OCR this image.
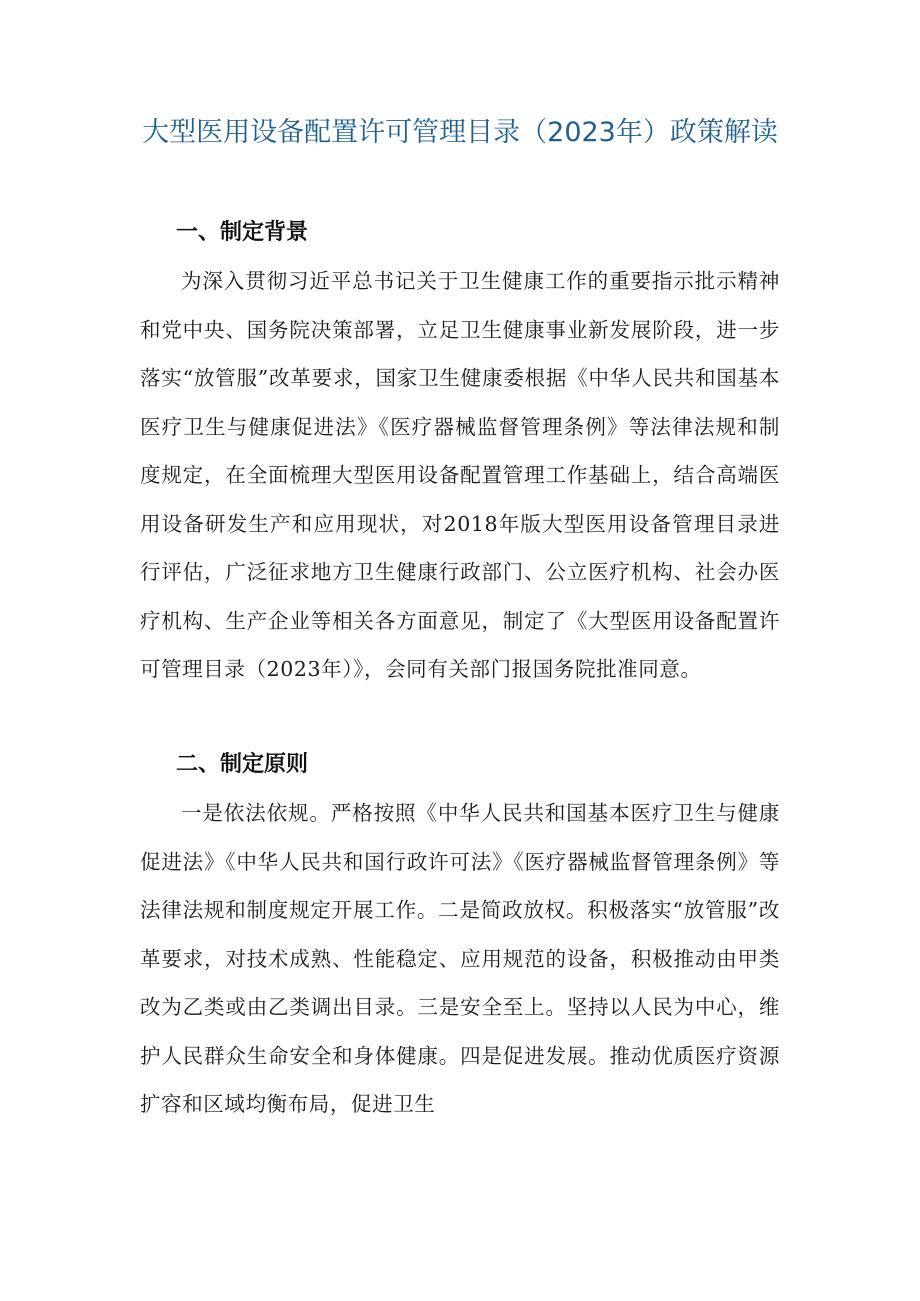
大型医用设备配置许可管理目录（2023年）政策解读
一、制定背景
为深入贯彻习近平总书记关于卫生健康工作的重要指示批示精神和党中央、国务院决策部署，立足卫生健康事业新发展阶段，进一步落实“放管服”改革要求，国家卫生健康委根据《中华人民共和国基本医疗卫生与健康促进法》《医疗器械监督管理条例》等法律法规和制度规定，在全面梳理大型医用设备配置管理工作基础上，结合高端医用设备研发生产和应用现状，对2018年版大型医用设备管理目录进行评估，广泛征求地方卫生健康行政部门、公立医疗机构、社会办医疗机构、生产企业等相关各方面意见，制定了《大型医用设备配置许可管理目录（2023年）》，会同有关部门报国务院批准同意。
二、制定原则
一是依法依规。严格按照《中华人民共和国基本医疗卫生与健康促进法》《中华人民共和国行政许可法》《医疗器械监督管理条例》等法律法规和制度规定开展工作。二是简政放权。积极落实“放管服”改革要求，对技术成熟、性能稳定、应用规范的设备，积极推动由甲类改为乙类或由乙类调出目录。三是安全至上。坚持以人民为中心，维护人民群众生命安全和身体健康。四是促进发展。推动优质医疗资源扩容和区域均衡布局，促进卫生
